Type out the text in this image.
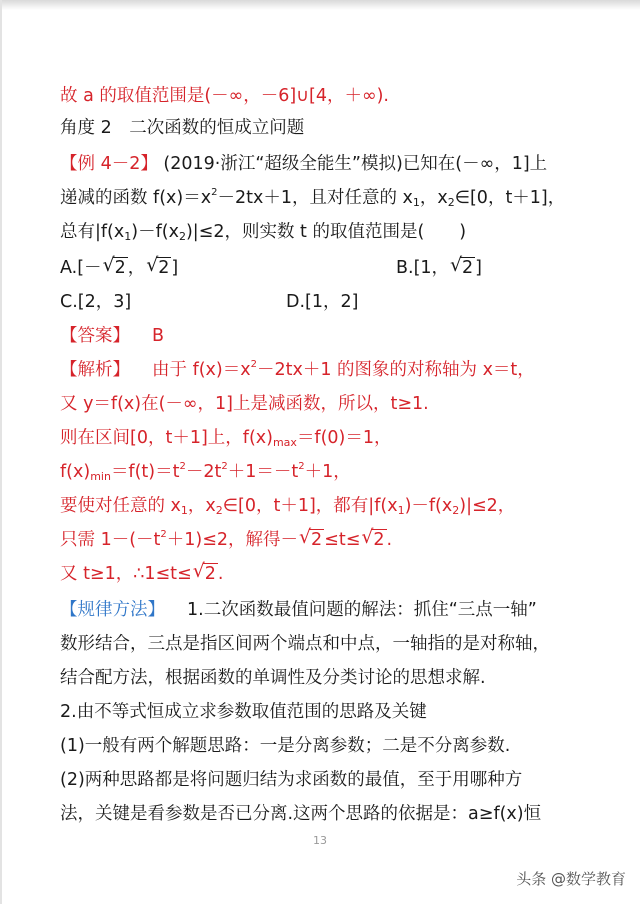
故 a 的取值范围是(－∞，－6]∪[4，＋∞).
角度 2　二次函数的恒成立问题
【例 4－2】 (2019·浙江“超级全能生”模拟)已知在(－∞，1]上
递减的函数 $f(x)=x^2-2tx+1$，且对任意的 $x_1$，$x_2\in[0$，t＋1]，
总有$|f(x_1)-f(x_2)|\le 2$，则实数 t 的取值范围是(　　)
A.[－ √ 2 ， √ 2 ]	B.[1， √ 2 ]
C.[2，3]	D.[1，2]
【答案】 B
【解析】 由于 $f(x)=x^2-2tx+1$ 的图象的对称轴为 x＝t，
又 y＝f(x)在(－∞，1]上是减函数，所以，t≥1.
则在区间[0，t＋1]上，$f(x)_{max}=f(0)=1$，
$f(x)_{min}=f(t)=t^2-2t^2+1=-t^2+1$，
要使对任意的 $x_1$，$x_2\in[0$，t＋1]，都有$|f(x_1)-f(x_2)|\le 2$，
只需 $1-(-t^2+1)\le 2$，解得－ √ 2 ≤t≤ √ 2 .
又 t≥1，∴1≤t≤ √ 2 .
【规律方法】 1.二次函数最值问题的解法：抓住“三点一轴”
数形结合，三点是指区间两个端点和中点，一轴指的是对称轴，
结合配方法，根据函数的单调性及分类讨论的思想求解.
2.由不等式恒成立求参数取值范围的思路及关键
(1)一般有两个解题思路：一是分离参数；二是不分离参数.
(2)两种思路都是将问题归结为求函数的最值，至于用哪种方
法，关键是看参数是否已分离.这两个思路的依据是：a≥f(x)恒
13
头条 @数学教育
